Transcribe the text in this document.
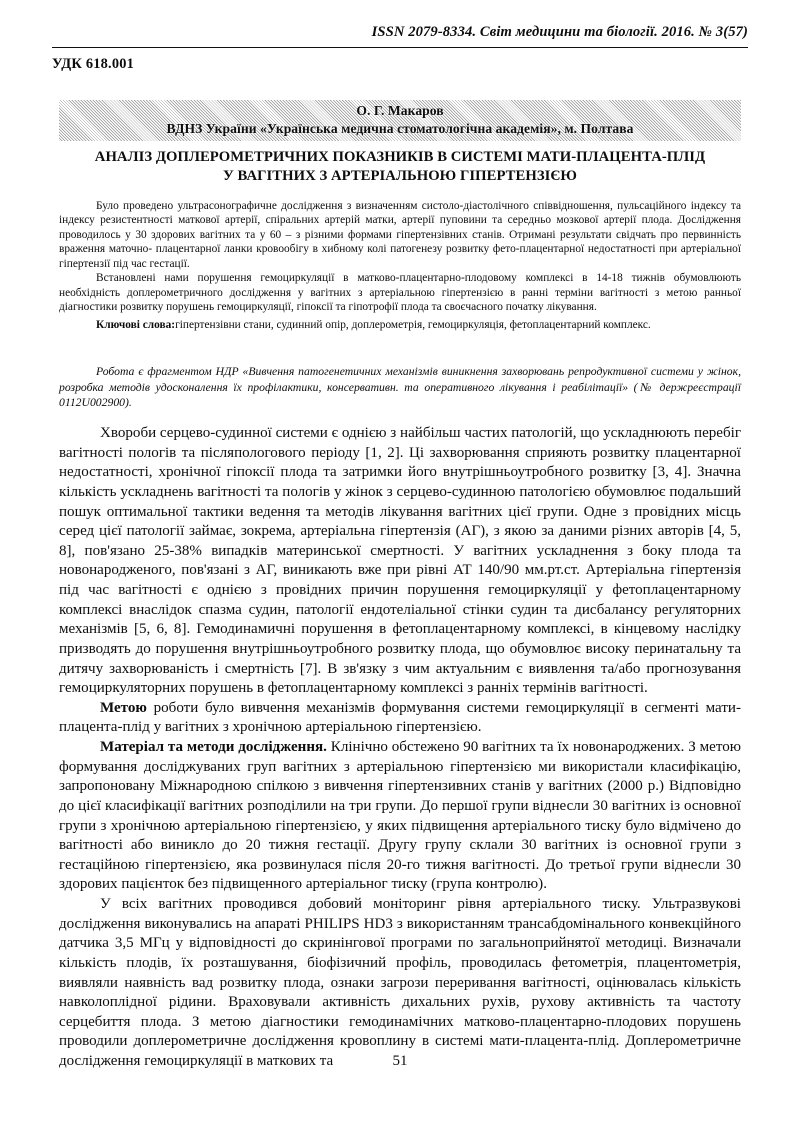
ISSN 2079-8334. Світ медицини та біології. 2016. № 3(57)
УДК 618.001
О. Г. Макаров
ВДНЗ України «Українська медична стоматологічна академія», м. Полтава
АНАЛІЗ ДОПЛЕРОМЕТРИЧНИХ ПОКАЗНИКІВ В СИСТЕМІ МАТИ-ПЛАЦЕНТА-ПЛІД
У ВАГІТНИХ З АРТЕРІАЛЬНОЮ ГІПЕРТЕНЗІЄЮ

Було проведено ультрасонографичне дослідження з визначенням систоло-діастолічного співвідношення, пульсаційного індексу та індексу резистентності маткової артерії, спіральних артерій матки, артерії пуповини та середньо мозкової артерії плода. Дослідження проводилось у 30 здорових вагітних та у 60 – з різними формами гіпертензівних станів. Отримані результати свідчать про первинність враження маточно- плацентарної ланки кровообігу в хибному колі патогенезу розвитку фето-плацентарної недостатності при артеріальної гіпертензії під час гестації.

Встановлені нами порушення гемоциркуляції в матково-плацентарно-плодовому комплексі в 14-18 тижнів обумовлюють необхідність доплерометричного дослідження у вагітних з артеріальною гіпертензією в ранні терміни вагітності з метою ранньої діагностики розвитку порушень гемоциркуляції, гіпоксії та гіпотрофії плода та своєчасного початку лікування.

Ключові слова:гіпертензівни стани, судинний опір, доплерометрія, гемоциркуляція, фетоплацентарний комплекс.

Робота є фрагментом НДР «Вивчення патогенетичних механізмів виникнення захворювань репродуктивної системи у жінок, розробка методів удосконалення їх профілактики, консервативн. та оперативного лікування і реабілітації» (№ держреєстрації 0112U002900).

Хвороби серцево-судинної системи є однією з найбільш частих патологій, що ускладнюють перебіг вагітності пологів та післяпологового періоду [1, 2]. Ці захворювання сприяють розвитку плацентарної недостатності, хронічної гіпоксії плода та затримки його внутрішньоутробного розвитку [3, 4]. Значна кількість ускладнень вагітності та пологів у жінок з серцево-судинною патологією обумовлює подальший пошук оптимальної тактики ведення та методів лікування вагітних цієї групи. Одне з провідних місць серед цієї патології займає, зокрема, артеріальна гіпертензія (АГ), з якою за даними різних авторів [4, 5, 8], пов'язано 25-38% випадків материнської смертності. У вагітних ускладнення з боку плода та новонародженого, пов'язані з АГ, виникають вже при рівні АТ 140/90 мм.рт.ст. Артеріальна гіпертензія під час вагітності є однією з провідних причин порушення гемоциркуляції у фетоплацентарному комплексі внаслідок спазма судин, патології ендотеліальної стінки судин та дисбалансу регуляторних механізмів [5, 6, 8]. Гемодинамичні порушення в фетоплацентарному комплексі, в кінцевому наслідку призводять до порушення внутрішньоутробного розвитку плода, що обумовлює високу перинатальну та дитячу захворюваність і смертність [7]. В зв'язку з чим актуальним є виявлення та/або прогнозування гемоциркуляторних порушень в фетоплацентарному комплексі з ранніх термінів вагітності.

Метою роботи було вивчення механізмів формування системи гемоциркуляції в сегменті мати-плацента-плід у вагітних з хронічною артеріальною гіпертензією.

Матеріал та методи дослідження. Клінічно обстежено 90 вагітних та їх новонароджених. З метою формування досліджуваних груп вагітних з артеріальною гіпертензією ми використали класифікацію, запропоновану Міжнародною спілкою з вивчення гіпертензивних станів у вагітних (2000 р.) Відповідно до цієї класифікації вагітних розподілили на три групи. До першої групи віднесли 30 вагітних із основної групи з хронічною артеріальною гіпертензією, у яких підвищення артеріального тиску було відмічено до вагітності або виникло до 20 тижня гестації. Другу групу склали 30 вагітних із основної групи з гестаційною гіпертензією, яка розвинулася після 20-го тижня вагітності. До третьої групи віднесли 30 здорових пацієнток без підвищенного артеріальног тиску (група контролю).

У всіх вагітних проводився добовий моніторинг рівня артеріального тиску. Ультразвукові дослідження виконувались на апараті PHILIPS HD3 з використанням трансабдомінального конвекційного датчика 3,5 МГц у відповідності до скринінгової програми по загальноприйнятої методиці. Визначали кількість плодів, їх розташування, біофізичний профіль, проводилась фетометрія, плацентометрія, виявляли наявність вад розвитку плода, ознаки загрози переривання вагітності, оцінювалась кількість навколоплідної рідини. Враховували активність дихальних рухів, рухову активність та частоту серцебиття плода. З метою діагностики гемодинамічних матково-плацентарно-плодових порушень проводили доплерометричне дослідження кровоплину в системі мати-плацента-плід. Доплерометричне дослідження гемоциркуляції в маткових та	51
